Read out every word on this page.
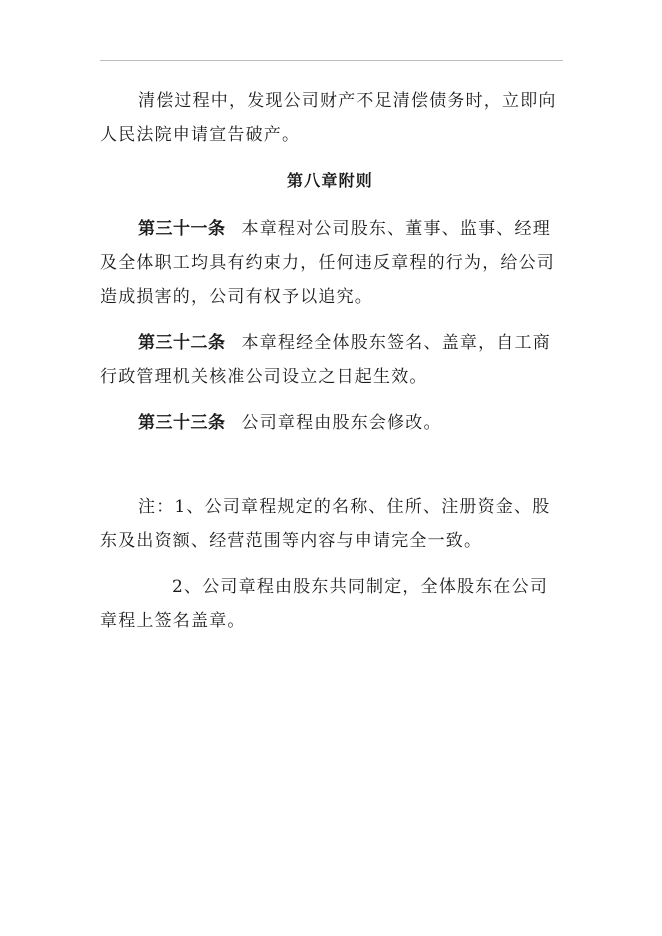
清偿过程中，发现公司财产不足清偿债务时，立即向人民法院申请宣告破产。

第八章附则

第三十一条 本章程对公司股东、董事、监事、经理及全体职工均具有约束力，任何违反章程的行为，给公司造成损害的，公司有权予以追究。

第三十二条 本章程经全体股东签名、盖章，自工商行政管理机关核准公司设立之日起生效。

第三十三条 公司章程由股东会修改。

注：1、公司章程规定的名称、住所、注册资金、股东及出资额、经营范围等内容与申请完全一致。

2、公司章程由股东共同制定，全体股东在公司章程上签名盖章。
